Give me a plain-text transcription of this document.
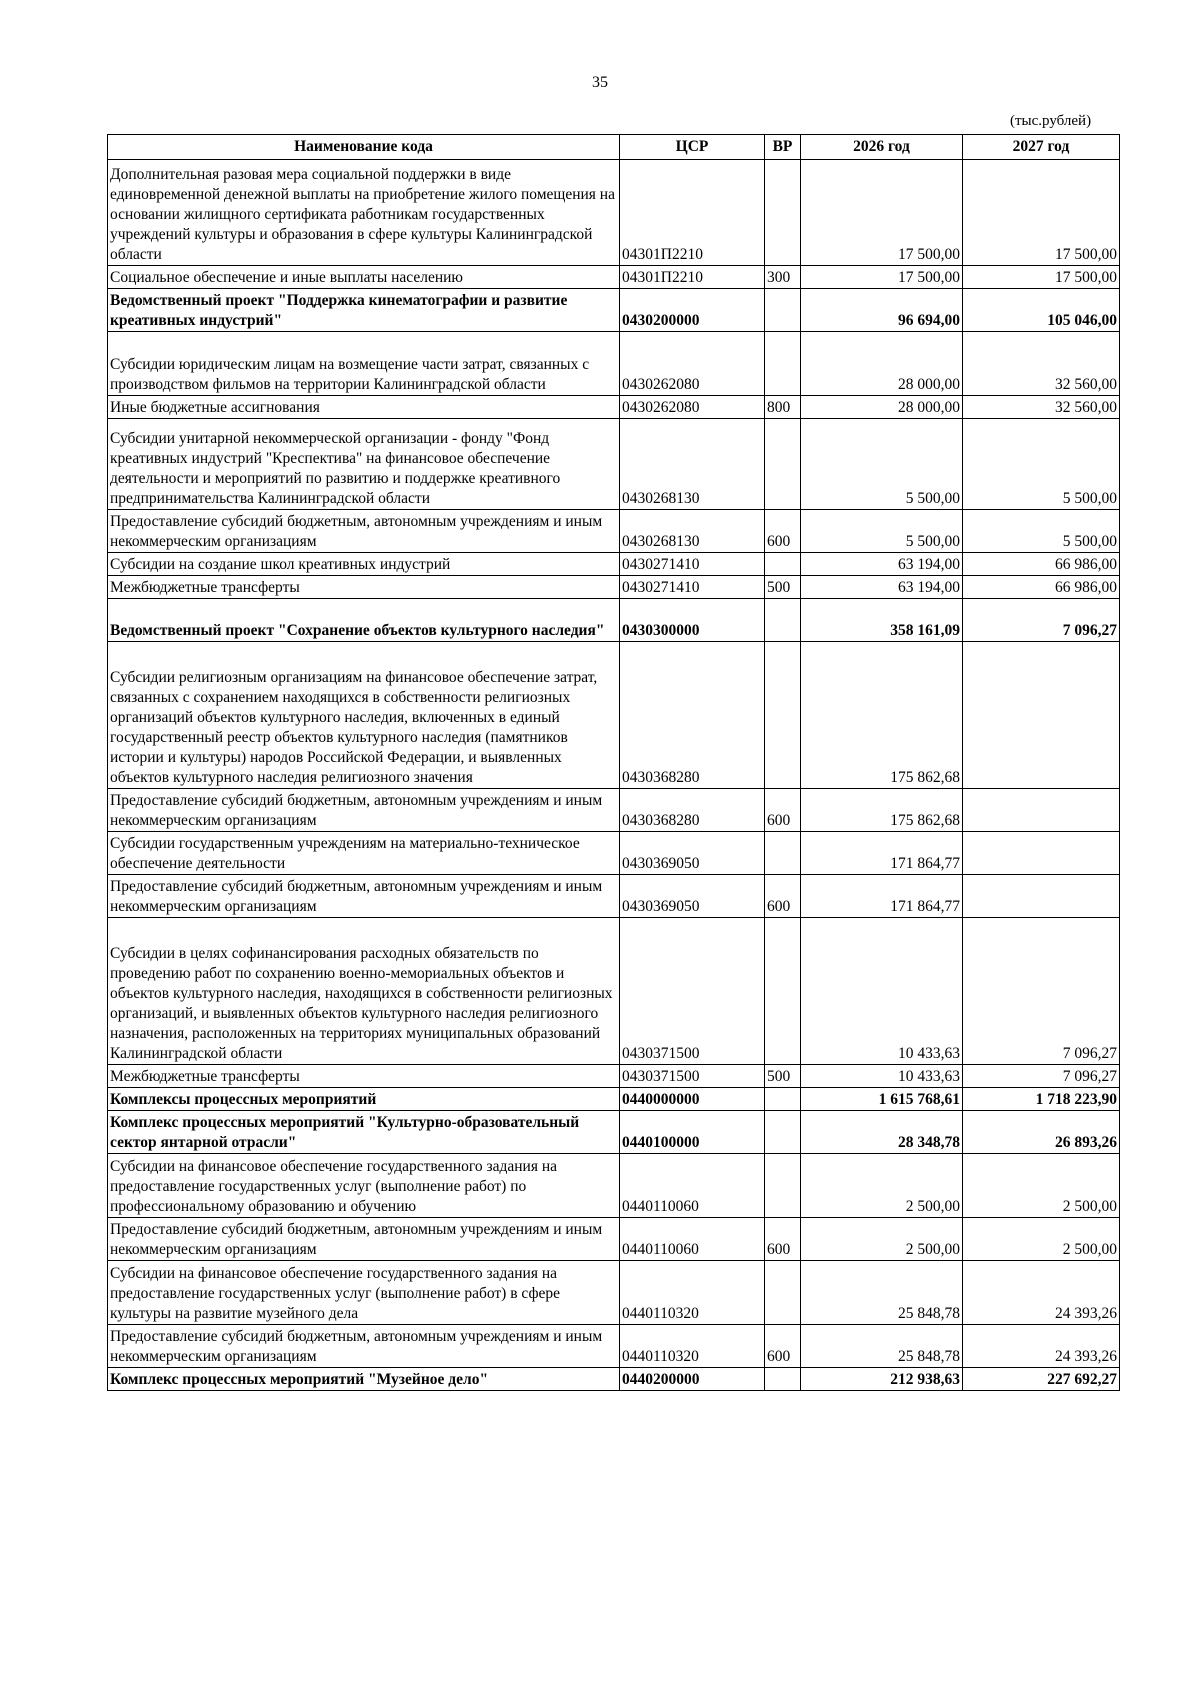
35
(тыс.рублей)
Наименование кода	ЦСР	ВР	2026 год	2027 год
Дополнительная разовая мера социальной поддержки в виде единовременной денежной выплаты на приобретение жилого помещения на основании жилищного сертификата работникам государственных учреждений культуры и образования в сфере культуры Калининградской области	04301П2210		17 500,00	17 500,00
Социальное обеспечение и иные выплаты населению	04301П2210	300	17 500,00	17 500,00
Ведомственный проект "Поддержка кинематографии и развитие креативных индустрий"	0430200000		96 694,00	105 046,00
Субсидии юридическим лицам на возмещение части затрат, связанных с производством фильмов на территории Калининградской области	0430262080		28 000,00	32 560,00
Иные бюджетные ассигнования	0430262080	800	28 000,00	32 560,00
Субсидии унитарной некоммерческой организации - фонду "Фонд креативных индустрий "Креспектива" на финансовое обеспечение деятельности и мероприятий по развитию и поддержке креативного предпринимательства Калининградской области	0430268130		5 500,00	5 500,00
Предоставление субсидий бюджетным, автономным учреждениям и иным некоммерческим организациям	0430268130	600	5 500,00	5 500,00
Субсидии на создание школ креативных индустрий	0430271410		63 194,00	66 986,00
Межбюджетные трансферты	0430271410	500	63 194,00	66 986,00
Ведомственный проект "Сохранение объектов культурного наследия"	0430300000		358 161,09	7 096,27
Субсидии религиозным организациям на финансовое обеспечение затрат, связанных с сохранением находящихся в собственности религиозных организаций объектов культурного наследия, включенных в единый государственный реестр объектов культурного наследия (памятников истории и культуры) народов Российской Федерации, и выявленных объектов культурного наследия религиозного значения	0430368280		175 862,68	
Предоставление субсидий бюджетным, автономным учреждениям и иным некоммерческим организациям	0430368280	600	175 862,68	
Субсидии государственным учреждениям на материально-техническое обеспечение деятельности	0430369050		171 864,77	
Предоставление субсидий бюджетным, автономным учреждениям и иным некоммерческим организациям	0430369050	600	171 864,77	
Субсидии в целях софинансирования расходных обязательств по проведению работ по сохранению военно-мемориальных объектов и объектов культурного наследия, находящихся в собственности религиозных организаций, и выявленных объектов культурного наследия религиозного назначения, расположенных на территориях муниципальных образований Калининградской области	0430371500		10 433,63	7 096,27
Межбюджетные трансферты	0430371500	500	10 433,63	7 096,27
Комплексы процессных мероприятий	0440000000		1 615 768,61	1 718 223,90
Комплекс процессных мероприятий "Культурно-образовательный сектор янтарной отрасли"	0440100000		28 348,78	26 893,26
Субсидии на финансовое обеспечение государственного задания на предоставление государственных услуг (выполнение работ) по профессиональному образованию и обучению	0440110060		2 500,00	2 500,00
Предоставление субсидий бюджетным, автономным учреждениям и иным некоммерческим организациям	0440110060	600	2 500,00	2 500,00
Субсидии на финансовое обеспечение государственного задания на предоставление государственных услуг (выполнение работ) в сфере культуры на развитие музейного дела	0440110320		25 848,78	24 393,26
Предоставление субсидий бюджетным, автономным учреждениям и иным некоммерческим организациям	0440110320	600	25 848,78	24 393,26
Комплекс процессных мероприятий "Музейное дело"	0440200000		212 938,63	227 692,27
